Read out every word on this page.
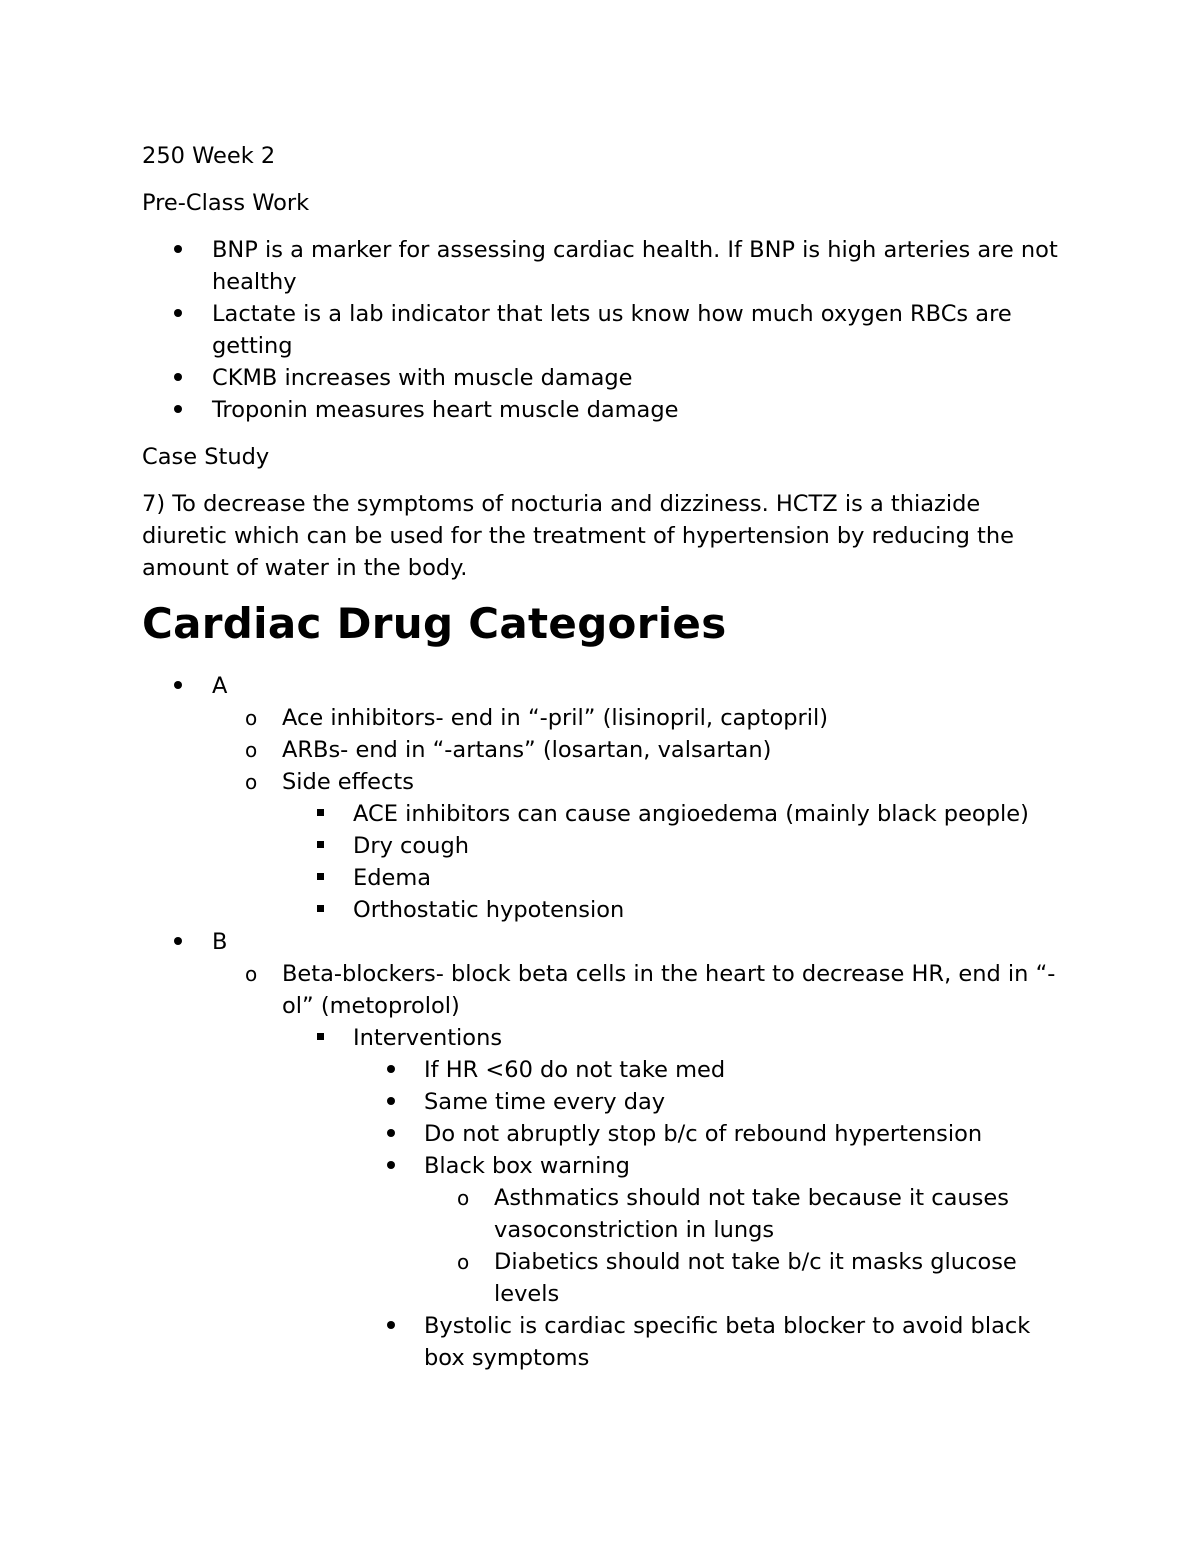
250 Week 2

Pre-Class Work

BNP is a marker for assessing cardiac health. If BNP is high arteries are not healthy
Lactate is a lab indicator that lets us know how much oxygen RBCs are getting
CKMB increases with muscle damage
Troponin measures heart muscle damage

Case Study

7) To decrease the symptoms of nocturia and dizziness. HCTZ is a thiazide diuretic which can be used for the treatment of hypertension by reducing the amount of water in the body.

Cardiac Drug Categories
A
o Ace inhibitors- end in “-pril” (lisinopril, captopril)
o ARBs- end in “-artans” (losartan, valsartan)
o Side effects
ACE inhibitors can cause angioedema (mainly black people)
Dry cough
Edema
Orthostatic hypotension
B
o Beta-blockers- block beta cells in the heart to decrease HR, end in “-ol” (metoprolol)
Interventions
If HR <60 do not take med
Same time every day
Do not abruptly stop b/c of rebound hypertension
Black box warning
o Asthmatics should not take because it causes vasoconstriction in lungs
o Diabetics should not take b/c it masks glucose levels
Bystolic is cardiac specific beta blocker to avoid black box symptoms
